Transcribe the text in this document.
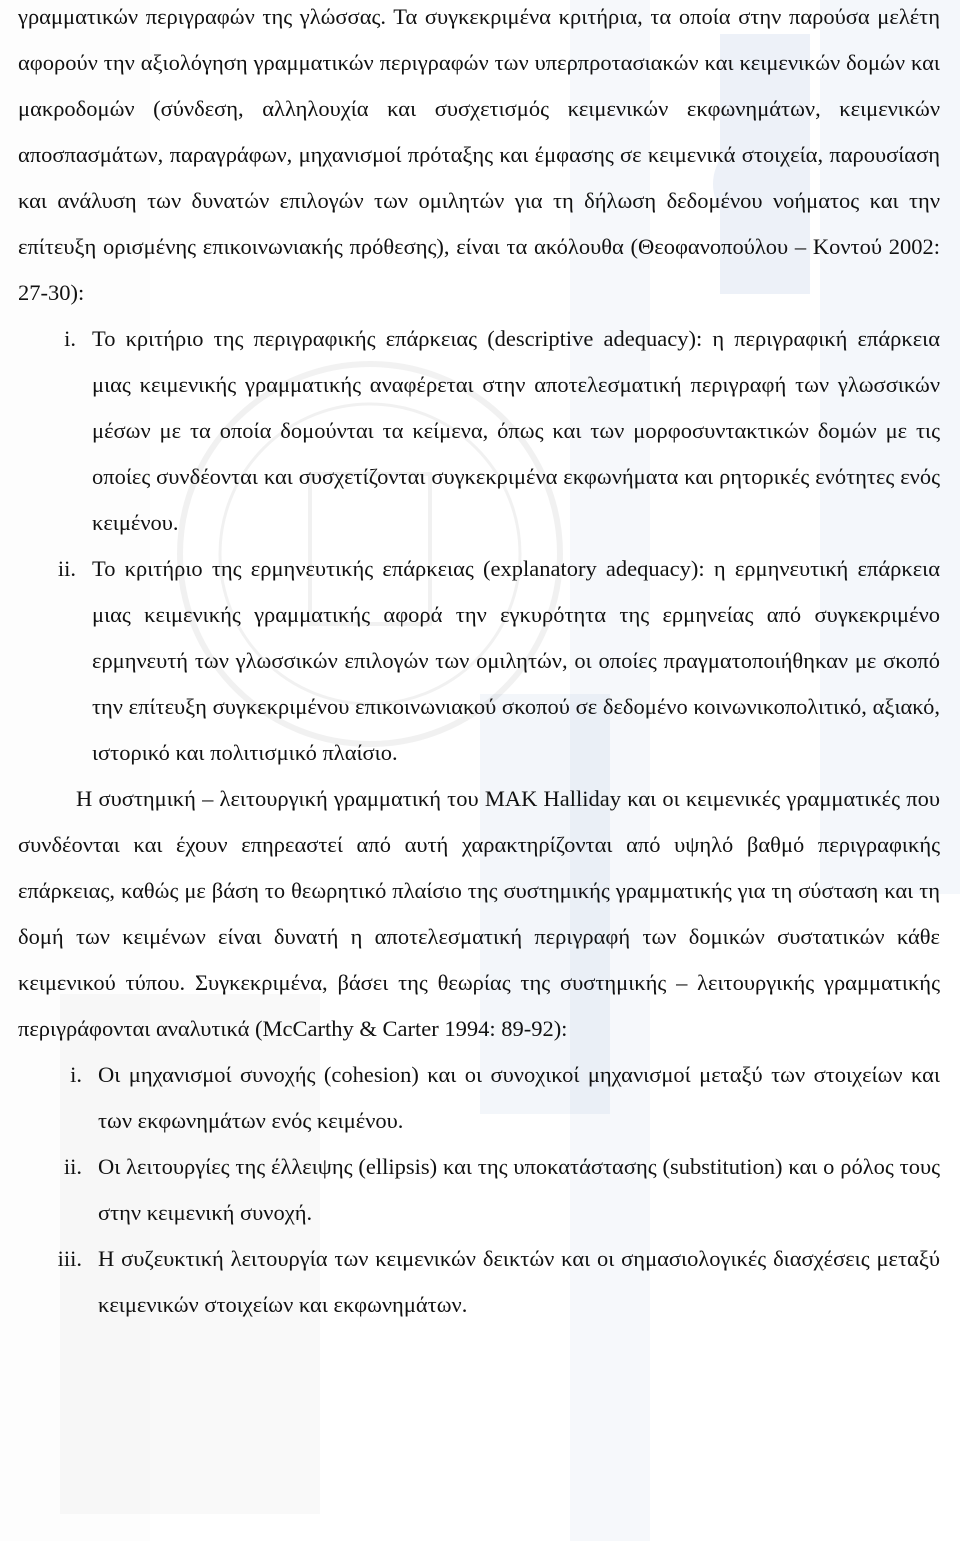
γραμματικών περιγραφών της γλώσσας. Τα συγκεκριμένα κριτήρια, τα οποία στην παρούσα μελέτη αφορούν την αξιολόγηση γραμματικών περιγραφών των υπερπροτασιακών και κειμενικών δομών και μακροδομών (σύνδεση, αλληλουχία και συσχετισμός κειμενικών εκφωνημάτων, κειμενικών αποσπασμάτων, παραγράφων, μηχανισμοί πρόταξης και έμφασης σε κειμενικά στοιχεία, παρουσίαση και ανάλυση των δυνατών επιλογών των ομιλητών για τη δήλωση δεδομένου νοήματος και την επίτευξη ορισμένης επικοινωνιακής πρόθεσης), είναι τα ακόλουθα (Θεοφανοπούλου – Κοντού 2002: 27-30):

i. Το κριτήριο της περιγραφικής επάρκειας (descriptive adequacy): η περιγραφική επάρκεια μιας κειμενικής γραμματικής αναφέρεται στην αποτελεσματική περιγραφή των γλωσσικών μέσων με τα οποία δομούνται τα κείμενα, όπως και των μορφοσυντακτικών δομών με τις οποίες συνδέονται και συσχετίζονται συγκεκριμένα εκφωνήματα και ρητορικές ενότητες ενός κειμένου.
ii. Το κριτήριο της ερμηνευτικής επάρκειας (explanatory adequacy): η ερμηνευτική επάρκεια μιας κειμενικής γραμματικής αφορά την εγκυρότητα της ερμηνείας από συγκεκριμένο ερμηνευτή των γλωσσικών επιλογών των ομιλητών, οι οποίες πραγματοποιήθηκαν με σκοπό την επίτευξη συγκεκριμένου επικοινωνιακού σκοπού σε δεδομένο κοινωνικοπολιτικό, αξιακό, ιστορικό και πολιτισμικό πλαίσιο.

Η συστημική – λειτουργική γραμματική του MAK Halliday και οι κειμενικές γραμματικές που συνδέονται και έχουν επηρεαστεί από αυτή χαρακτηρίζονται από υψηλό βαθμό περιγραφικής επάρκειας, καθώς με βάση το θεωρητικό πλαίσιο της συστημικής γραμματικής για τη σύσταση και τη δομή των κειμένων είναι δυνατή η αποτελεσματική περιγραφή των δομικών συστατικών κάθε κειμενικού τύπου. Συγκεκριμένα, βάσει της θεωρίας της συστημικής – λειτουργικής γραμματικής περιγράφονται αναλυτικά (McCarthy & Carter 1994: 89-92):

i. Οι μηχανισμοί συνοχής (cohesion) και οι συνοχικοί μηχανισμοί μεταξύ των στοιχείων και των εκφωνημάτων ενός κειμένου.
ii. Οι λειτουργίες της έλλειψης (ellipsis) και της υποκατάστασης (substitution) και ο ρόλος τους στην κειμενική συνοχή.
iii. Η συζευκτική λειτουργία των κειμενικών δεικτών και οι σημασιολογικές διασχέσεις μεταξύ κειμενικών στοιχείων και εκφωνημάτων.
